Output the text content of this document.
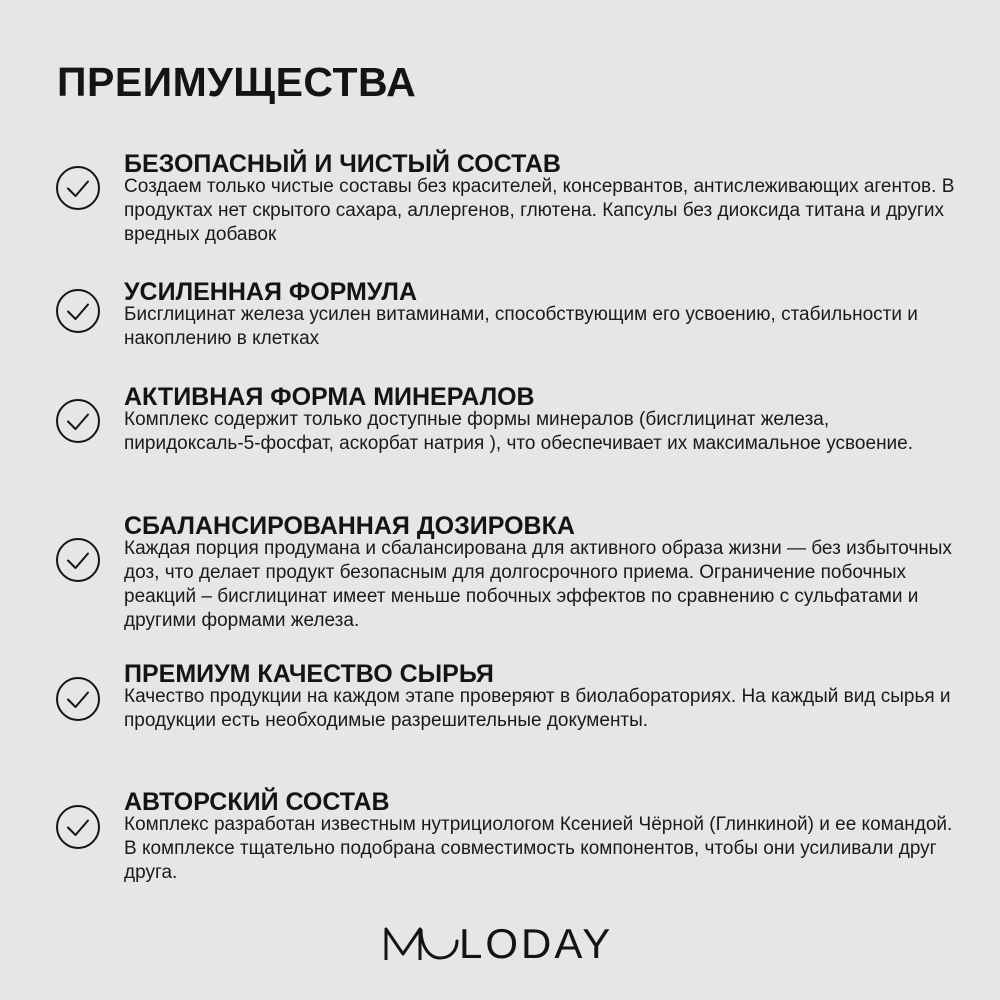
ПРЕИМУЩЕСТВА
БЕЗОПАСНЫЙ И ЧИСТЫЙ СОСТАВ

Создаем только чистые составы без красителей, консервантов, антислеживающих агентов. В продуктах нет скрытого сахара, аллергенов, глютена. Капсулы без диоксида титана и других вредных добавок

УСИЛЕННАЯ ФОРМУЛА

Бисглицинат железа усилен витаминами, способствующим его усвоению, стабильности и накоплению в клетках

АКТИВНАЯ ФОРМА МИНЕРАЛОВ

Комплекс содержит только доступные формы минералов (бисглицинат железа, пиридоксаль-5-фосфат, аскорбат натрия ), что обеспечивает их максимальное усвоение.

СБАЛАНСИРОВАННАЯ ДОЗИРОВКА

Каждая порция продумана и сбалансирована для активного образа жизни — без избыточных доз, что делает продукт безопасным для долгосрочного приема. Ограничение побочных реакций – бисглицинат имеет меньше побочных эффектов по сравнению с сульфатами и другими формами железа.

ПРЕМИУМ КАЧЕСТВО СЫРЬЯ

Качество продукции на каждом этапе проверяют в биолабораториях. На каждый вид сырья и продукции есть необходимые разрешительные документы.

АВТОРСКИЙ СОСТАВ

Комплекс разработан известным нутрициологом Ксенией Чёрной (Глинкиной) и ее командой. В комплексе тщательно подобрана совместимость компонентов, чтобы они усиливали друг друга.

LODAY
